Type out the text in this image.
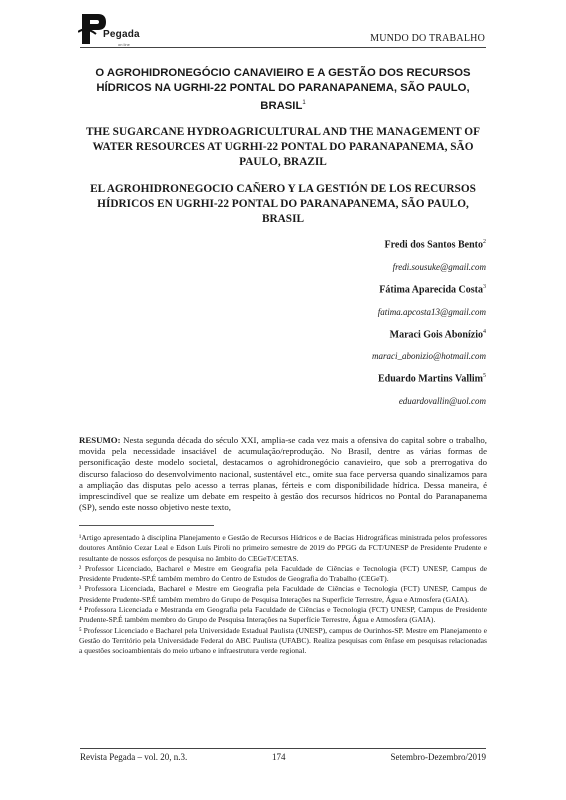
Pegada
on line
MUNDO DO TRABALHO
O AGROHIDRONEGÓCIO CANAVIEIRO E A GESTÃO DOS RECURSOS HÍDRICOS NA UGRHI-22 PONTAL DO PARANAPANEMA, SÃO PAULO, BRASIL$^1$
THE SUGARCANE HYDROAGRICULTURAL AND THE MANAGEMENT OF WATER RESOURCES AT UGRHI-22 PONTAL DO PARANAPANEMA, SÃO PAULO, BRAZIL
EL AGROHIDRONEGOCIO CAÑERO Y LA GESTIÓN DE LOS RECURSOS HÍDRICOS EN UGRHI-22 PONTAL DO PARANAPANEMA, SÃO PAULO, BRASIL
Fredi dos Santos Bento$^2$
fredi.sousuke@gmail.com
Fátima Aparecida Costa$^3$
fatima.apcosta13@gmail.com
Maraci Gois Abonízio$^4$
maraci_abonizio@hotmail.com
Eduardo Martins Vallim$^5$
eduardovallin@uol.com
RESUMO: Nesta segunda década do século XXI, amplia-se cada vez mais a ofensiva do capital sobre o trabalho, movida pela necessidade insaciável de acumulação/reprodução. No Brasil, dentre as várias formas de personificação deste modelo societal, destacamos o agrohidronegócio canavieiro, que sob a prerrogativa do discurso falacioso do desenvolvimento nacional, sustentável etc., omite sua face perversa quando sinalizamos para a ampliação das disputas pelo acesso a terras planas, férteis e com disponibilidade hídrica. Dessa maneira, é imprescindível que se realize um debate em respeito à gestão dos recursos hídricos no Pontal do Paranapanema (SP), sendo este nosso objetivo neste texto,

¹Artigo apresentado à disciplina Planejamento e Gestão de Recursos Hídricos e de Bacias Hidrográficas ministrada pelos professores doutores Antônio Cezar Leal e Edson Luís Piroli no primeiro semestre de 2019 do PPGG da FCT/UNESP de Presidente Prudente e resultante de nossos esforços de pesquisa no âmbito do CEGeT/CETAS.

² Professor Licenciado, Bacharel e Mestre em Geografia pela Faculdade de Ciências e Tecnologia (FCT) UNESP, Campus de Presidente Prudente-SP.É também membro do Centro de Estudos de Geografia do Trabalho (CEGeT).

³ Professora Licenciada, Bacharel e Mestre em Geografia pela Faculdade de Ciências e Tecnologia (FCT) UNESP, Campus de Presidente Prudente-SP.É também membro do Grupo de Pesquisa Interações na Superfície Terrestre, Água e Atmosfera (GAIA).

⁴ Professora Licenciada e Mestranda em Geografia pela Faculdade de Ciências e Tecnologia (FCT) UNESP, Campus de Presidente Prudente-SP.É também membro do Grupo de Pesquisa Interações na Superfície Terrestre, Água e Atmosfera (GAIA).

⁵ Professor Licenciado e Bacharel pela Universidade Estadual Paulista (UNESP), campus de Ourinhos-SP. Mestre em Planejamento e Gestão do Território pela Universidade Federal do ABC Paulista (UFABC). Realiza pesquisas com ênfase em pesquisas relacionadas a questões socioambientais do meio urbano e infraestrutura verde regional.

Revista Pegada – vol. 20, n.3.	174	Setembro-Dezembro/2019
